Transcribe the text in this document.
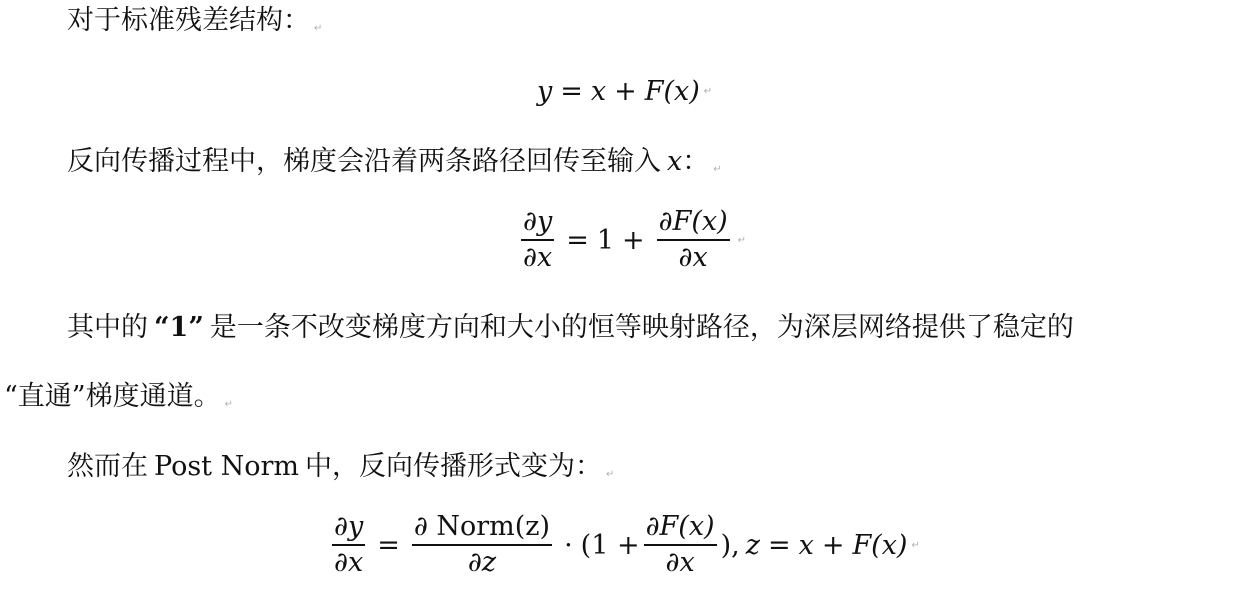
对于标准残差结构： ↵
y = x + F(x) ↵
反向传播过程中，梯度会沿着两条路径回传至输入 x： ↵
$\frac{\partial y}{\partial x} = 1 + \frac{\partial F(x)}{\partial x}$ ↵
其中的 “1” 是一条不改变梯度方向和大小的恒等映射路径，为深层网络提供了稳定的
“直通”梯度通道。 ↵
然而在 Post Norm 中，反向传播形式变为： ↵
$\frac{\partial y}{\partial x} = \frac{\text{∂ Norm(z)}}{\partial z} \cdot (1 + \frac{\partial F(x)}{\partial x}$ ), z = x + F(x) ↵
